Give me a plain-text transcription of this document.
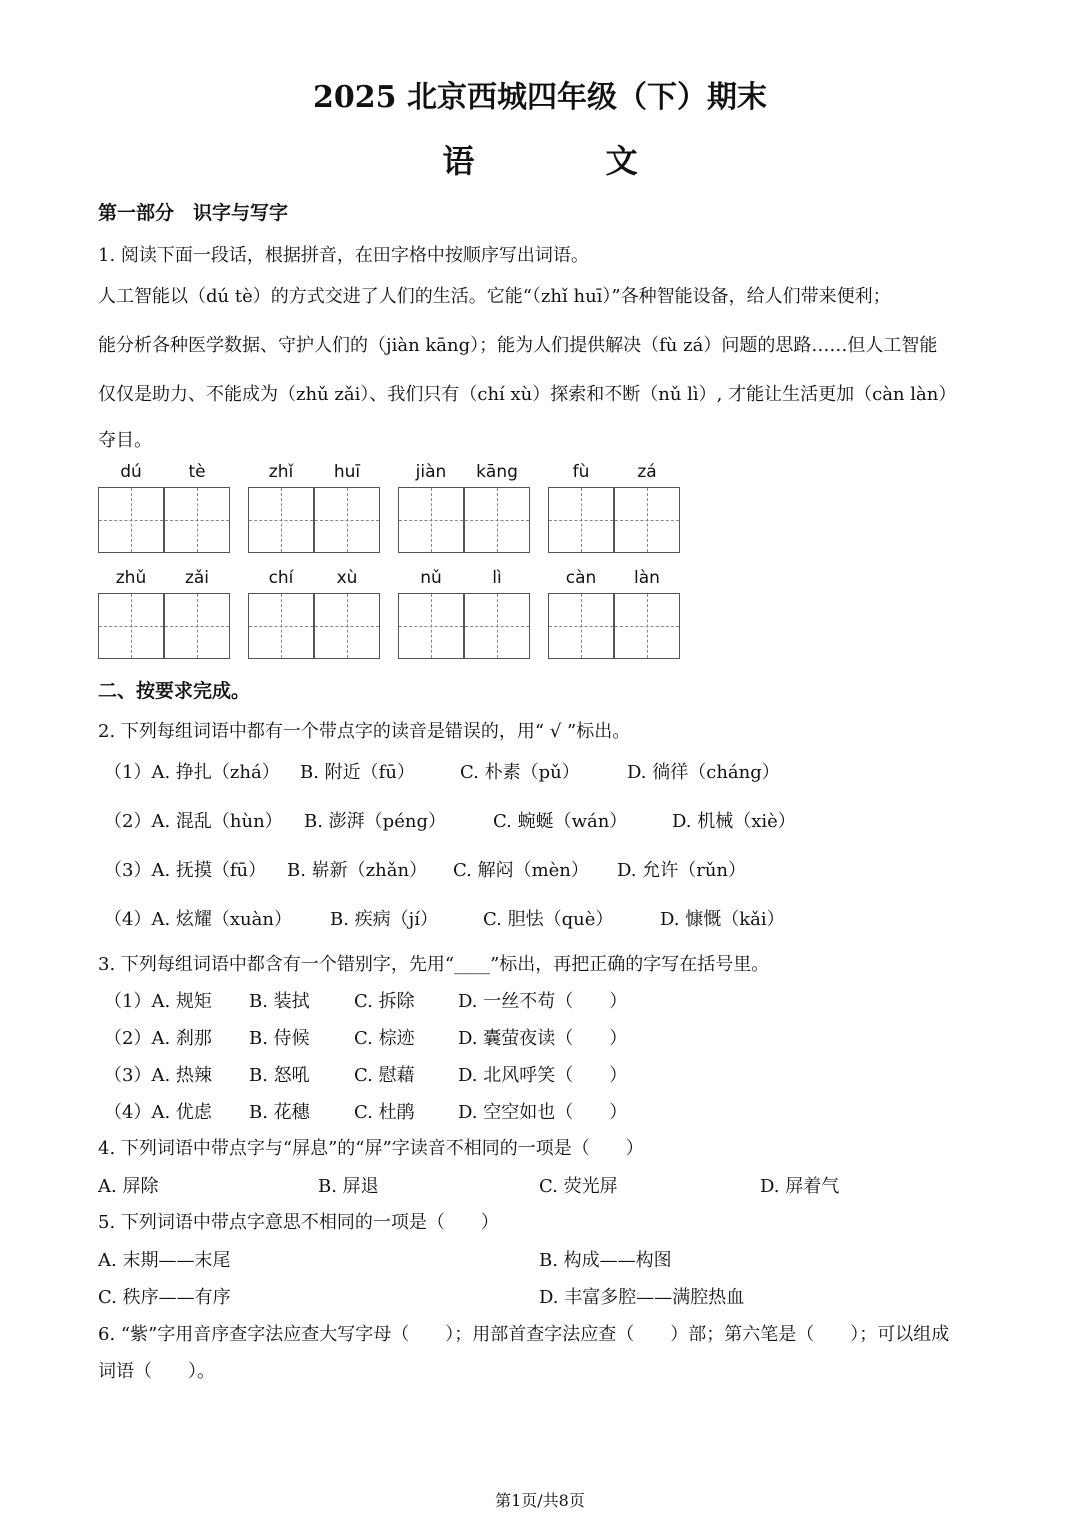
2025 北京西城四年级（下）期末
语 文
第一部分　识字与写字
1. 阅读下面一段话，根据拼音，在田字格中按顺序写出词语。
人工智能以（dú tè）的方式交进了人们的生活。它能“（zhǐ huī）”各种智能设备，给人们带来便利；
能分析各种医学数据、守护人们的（jiàn kāng）；能为人们提供解决（fù zá）问题的思路……但人工智能
仅仅是助力、不能成为（zhǔ zǎi）、我们只有（chí xù）探索和不断（nǔ lì）, 才能让生活更加（càn làn）
夺目。
dú	tè	zhǐ	huī	jiàn	kāng	fù	zá
zhǔ	zǎi	chí	xù	nǔ	lì	càn	làn
二、按要求完成。
2. 下列每组词语中都有一个带点字的读音是错误的，用“ √ ”标出。
（1）A. 挣扎（zhá） B. 附近（fū）	C. 朴素（pǔ）	D. 徜徉（cháng）
（2）A. 混乱（hùn） B. 澎湃（péng）	C. 蜿蜒（wán） D. 机械（xiè）
（3）A. 抚摸（fū） B. 崭新（zhǎn） C. 解闷（mèn） D. 允许（rǔn）
（4）A. 炫耀（xuàn） B. 疾病（jí） C. 胆怯（què）	D. 慷慨（kǎi）
3. 下列每组词语中都含有一个错别字，先用“____”标出，再把正确的字写在括号里。
（1）A. 规矩 B. 装拭 C. 拆除 D. 一丝不苟（　　）
（2）A. 刹那 B. 侍候 C. 棕迹 D. 囊萤夜读（　　）
（3）A. 热辣 B. 怒吼 C. 慰藉 D. 北风呼笑（　　）
（4）A. 优虑 B. 花穗 C. 杜鹃 D. 空空如也（　　）
4. 下列词语中带点字与“屏息”的“屏”字读音不相同的一项是（　　）
A. 屏除	B. 屏退	C. 荧光屏	D. 屏着气
5. 下列词语中带点字意思不相同的一项是（　　）
A. 末期——末尾	B. 构成——构图
C. 秩序——有序	D. 丰富多腔——满腔热血
6. “紫”字用音序查字法应查大写字母（　　）；用部首查字法应查（　　）部；第六笔是（　　）；可以组成
词语（　　）。
第1页/共8页
